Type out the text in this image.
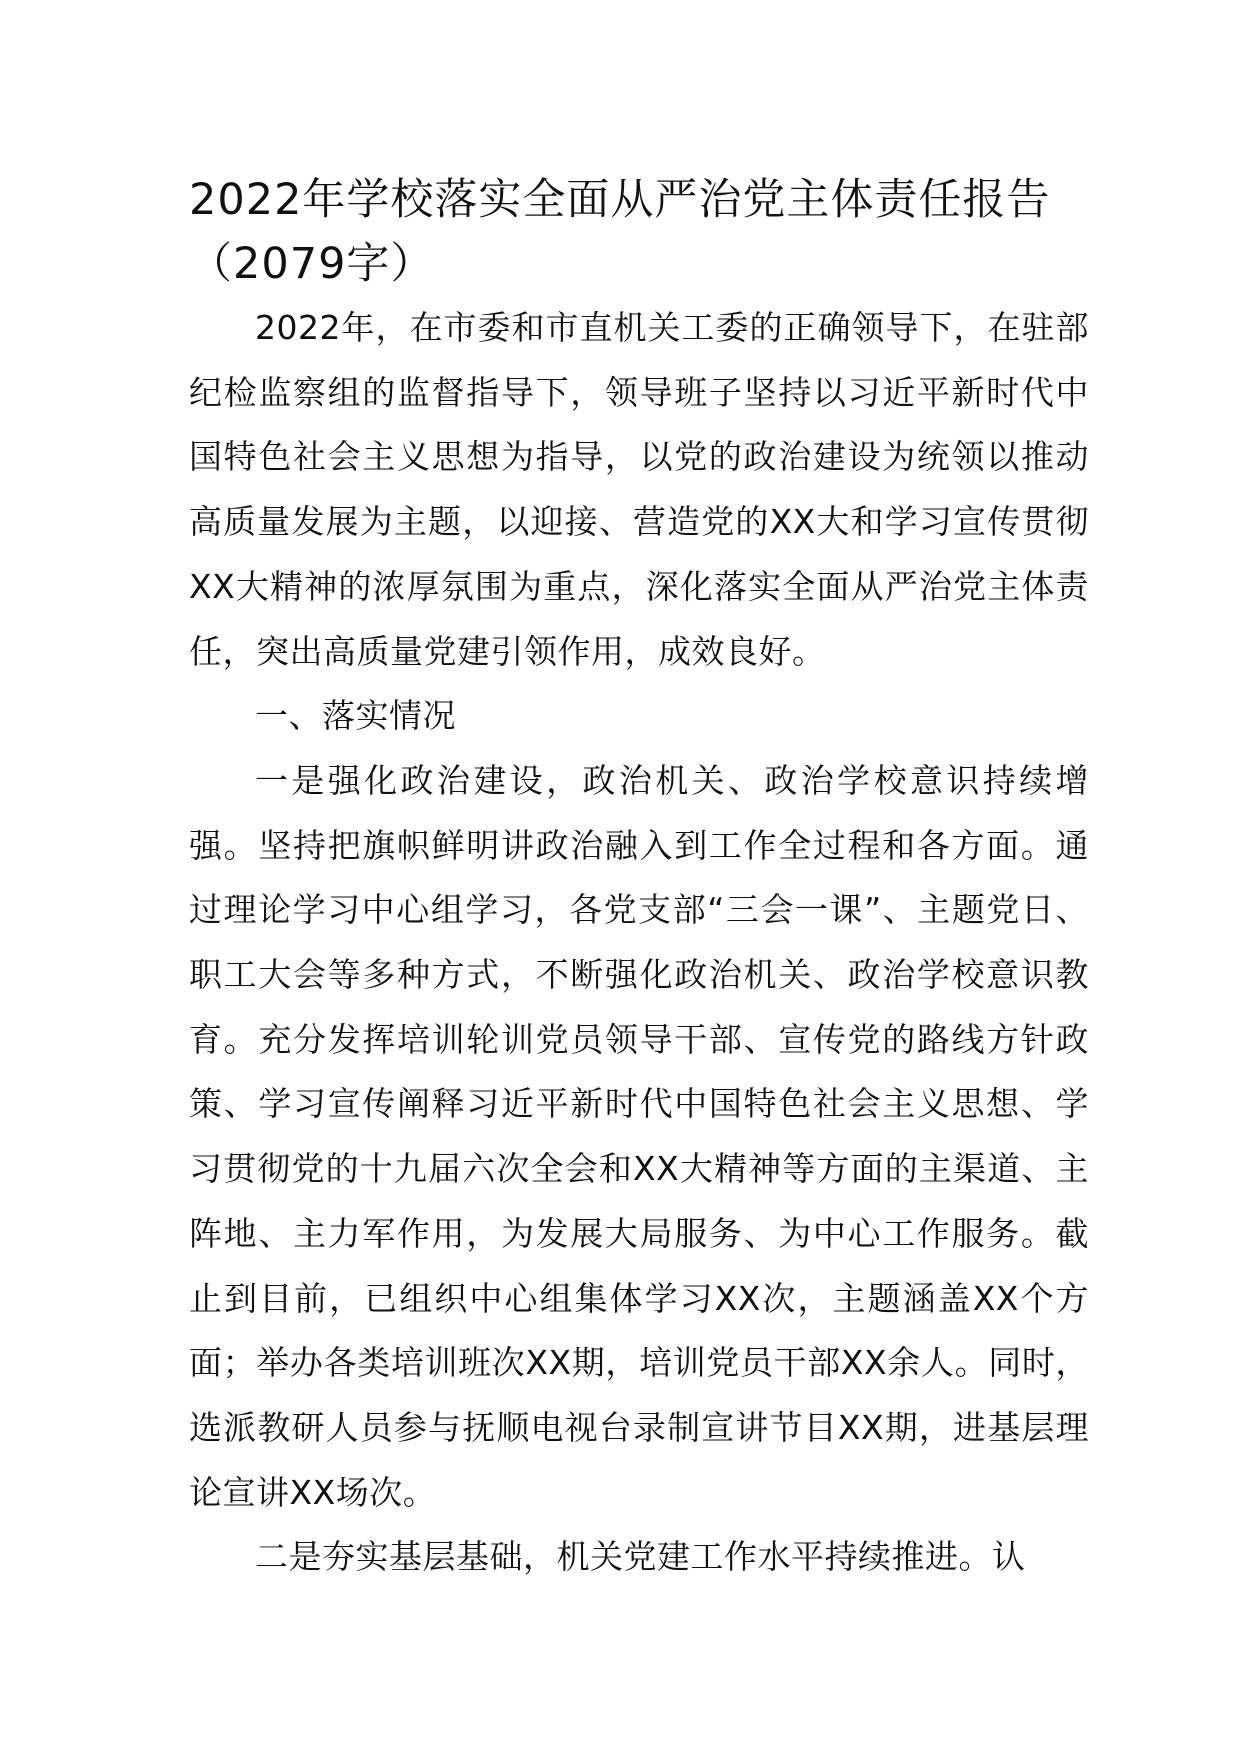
2022年学校落实全面从严治党主体责任报告（2079字）

2022年，在市委和市直机关工委的正确领导下，在驻部纪检监察组的监督指导下，领导班子坚持以习近平新时代中国特色社会主义思想为指导，以党的政治建设为统领以推动高质量发展为主题，以迎接、营造党的XX大和学习宣传贯彻XX大精神的浓厚氛围为重点，深化落实全面从严治党主体责任，突出高质量党建引领作用，成效良好。

一、落实情况

一是强化政治建设，政治机关、政治学校意识持续增强。坚持把旗帜鲜明讲政治融入到工作全过程和各方面。通过理论学习中心组学习，各党支部“三会一课”、主题党日、职工大会等多种方式，不断强化政治机关、政治学校意识教育。充分发挥培训轮训党员领导干部、宣传党的路线方针政策、学习宣传阐释习近平新时代中国特色社会主义思想、学习贯彻党的十九届六次全会和XX大精神等方面的主渠道、主阵地、主力军作用，为发展大局服务、为中心工作服务。截止到目前，已组织中心组集体学习XX次，主题涵盖XX个方面；举办各类培训班次XX期，培训党员干部XX余人。同时，选派教研人员参与抚顺电视台录制宣讲节目XX期，进基层理论宣讲XX场次。

二是夯实基层基础，机关党建工作水平持续推进。认
